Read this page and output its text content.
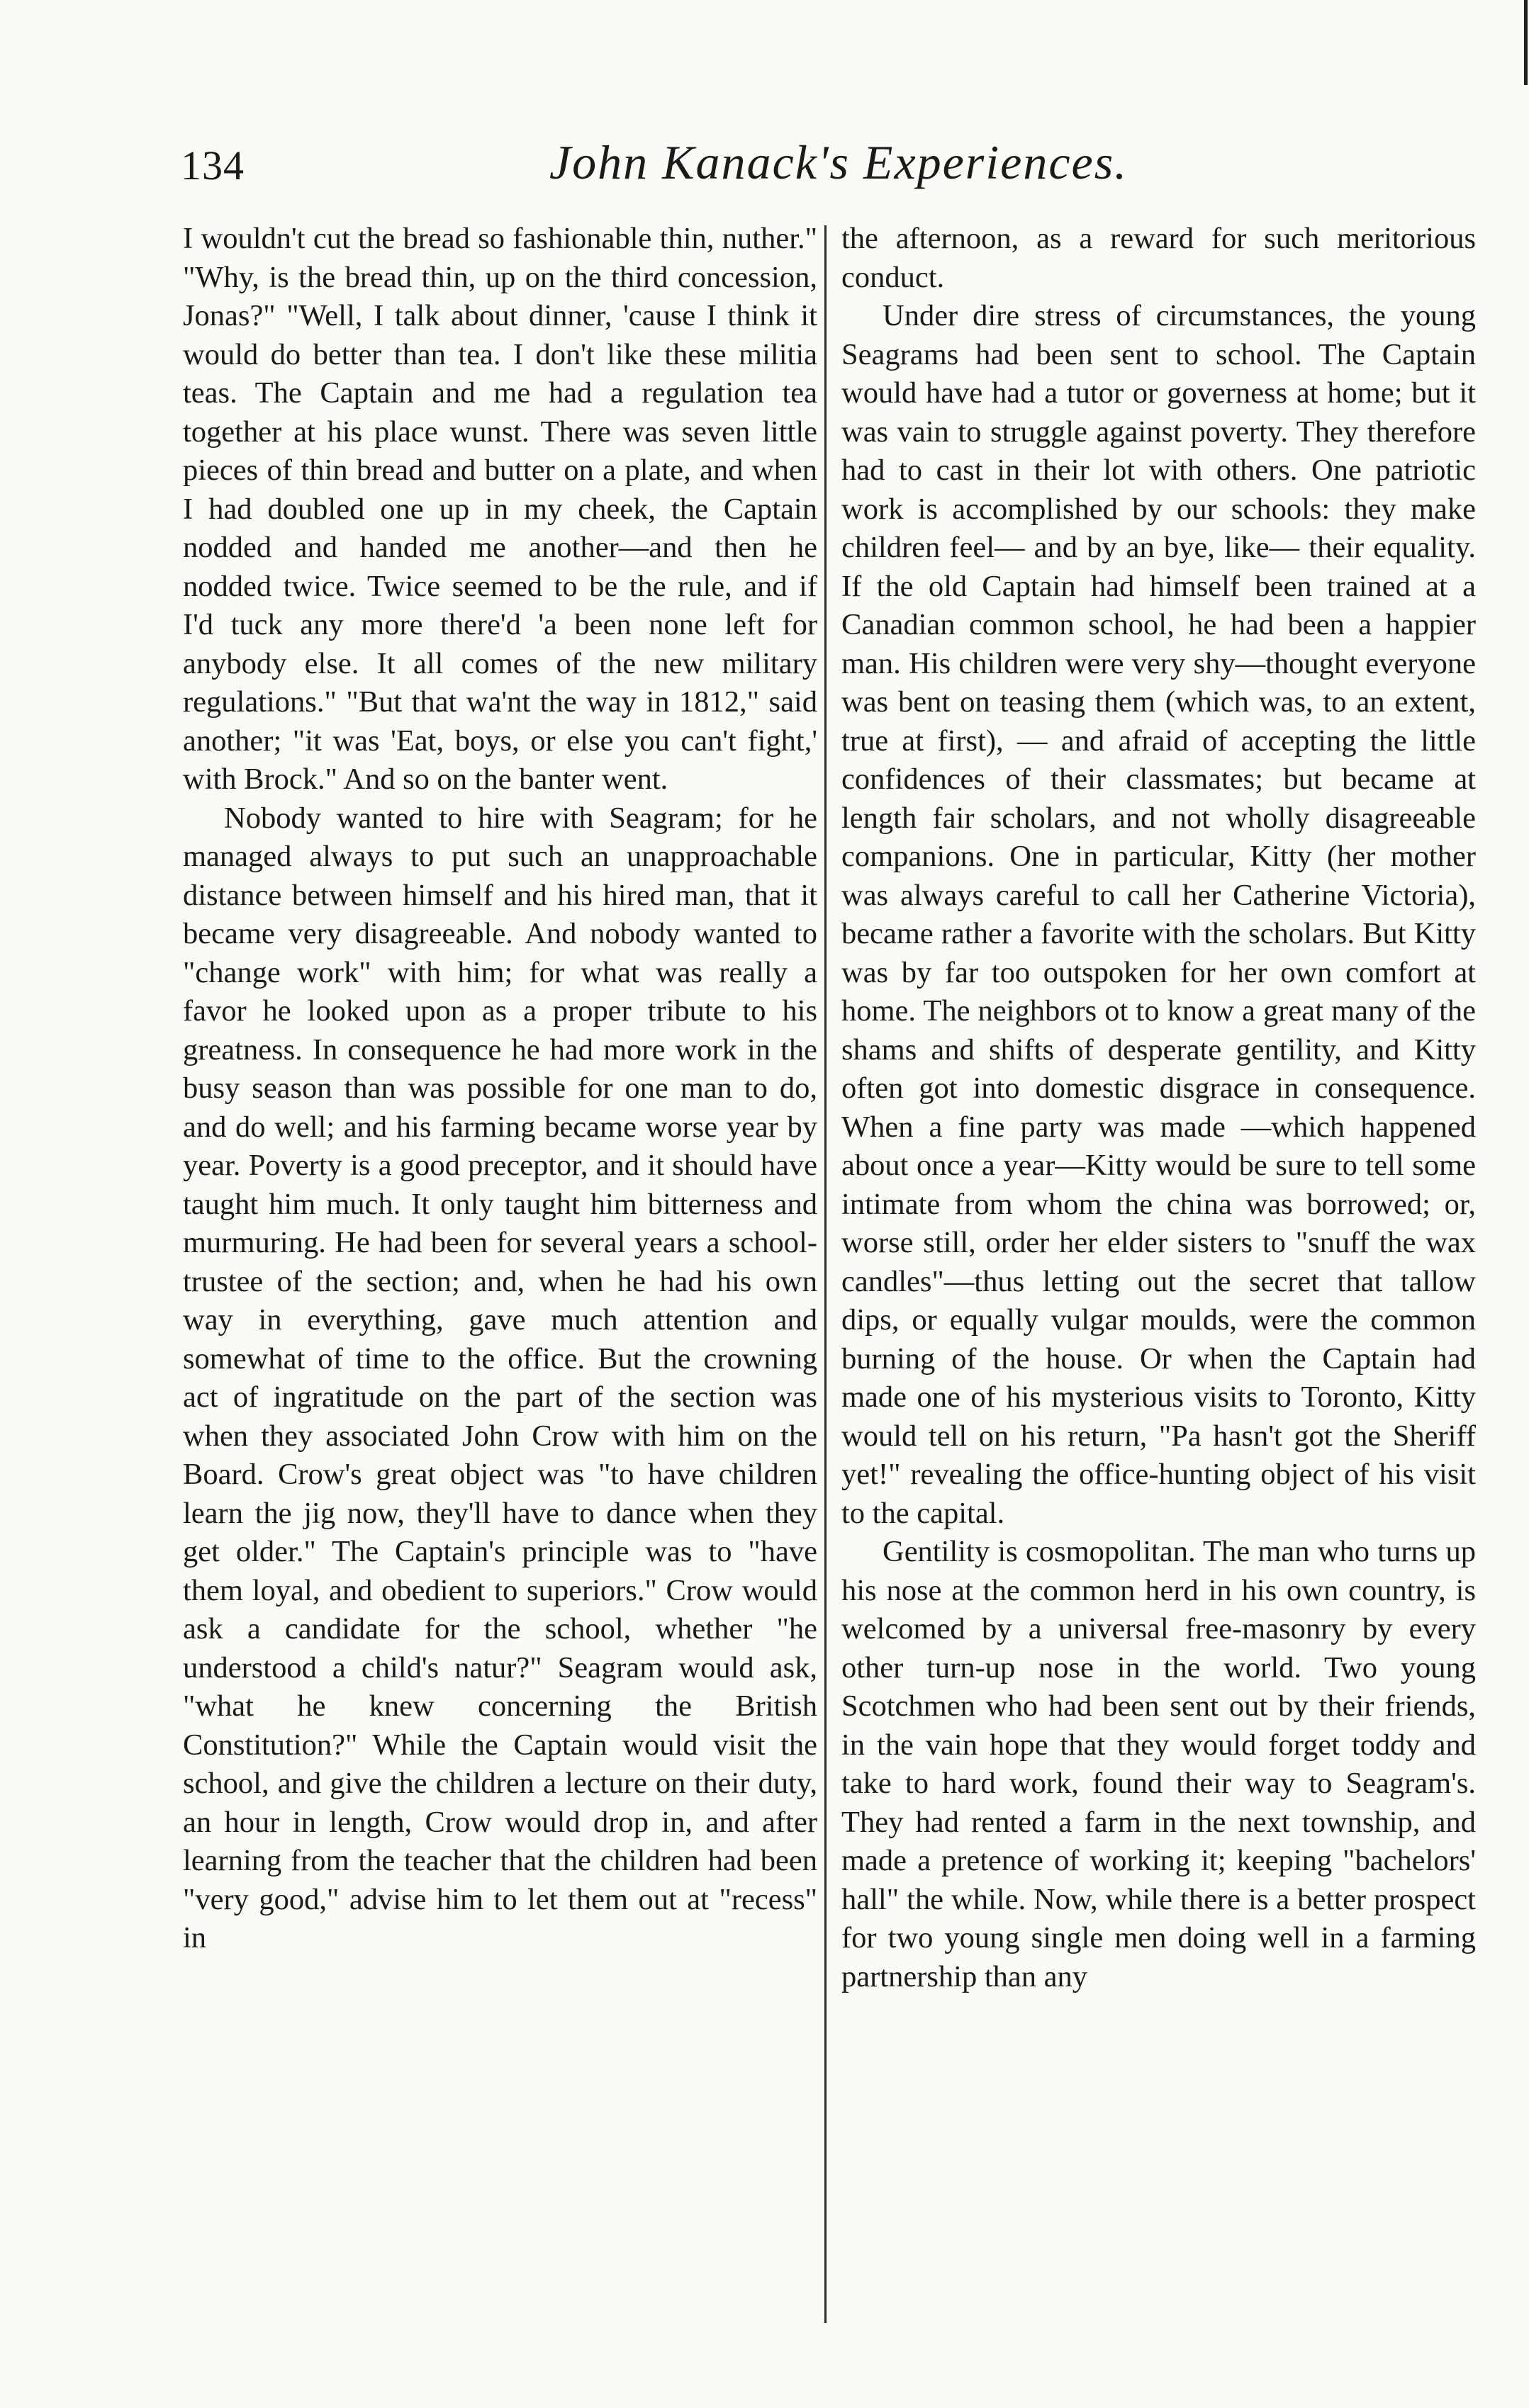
134	John Kanack's Experiences.

I wouldn't cut the bread so fashionable thin, nuther." "Why, is the bread thin, up on the third concession, Jonas?" "Well, I talk about dinner, 'cause I think it would do better than tea. I don't like these militia teas. The Captain and me had a regulation tea together at his place wunst. There was seven little pieces of thin bread and butter on a plate, and when I had doubled one up in my cheek, the Captain nodded and handed me another—and then he nodded twice. Twice seemed to be the rule, and if I'd tuck any more there'd 'a been none left for anybody else. It all comes of the new military regulations." "But that wa'nt the way in 1812," said another; "it was 'Eat, boys, or else you can't fight,' with Brock." And so on the banter went.

Nobody wanted to hire with Seagram; for he managed always to put such an unapproachable distance between himself and his hired man, that it became very disagreeable. And nobody wanted to "change work" with him; for what was really a favor he looked upon as a proper tribute to his greatness. In consequence he had more work in the busy season than was possible for one man to do, and do well; and his farming became worse year by year. Poverty is a good preceptor, and it should have taught him much. It only taught him bitterness and murmuring. He had been for several years a school-trustee of the section; and, when he had his own way in everything, gave much attention and somewhat of time to the office. But the crowning act of ingratitude on the part of the section was when they associated John Crow with him on the Board. Crow's great object was "to have children learn the jig now, they'll have to dance when they get older." The Captain's principle was to "have them loyal, and obedient to superiors." Crow would ask a candidate for the school, whether "he understood a child's natur?" Seagram would ask, "what he knew concerning the British Constitution?" While the Captain would visit the school, and give the children a lecture on their duty, an hour in length, Crow would drop in, and after learning from the teacher that the children had been "very good," advise him to let them out at "recess" in

the afternoon, as a reward for such meritorious conduct.

Under dire stress of circumstances, the young Seagrams had been sent to school. The Captain would have had a tutor or governess at home; but it was vain to struggle against poverty. They therefore had to cast in their lot with others. One patriotic work is accomplished by our schools: they make children feel— and by an bye, like— their equality. If the old Captain had himself been trained at a Canadian common school, he had been a happier man. His children were very shy—thought everyone was bent on teasing them (which was, to an extent, true at first), — and afraid of accepting the little confidences of their classmates; but became at length fair scholars, and not wholly disagreeable companions. One in particular, Kitty (her mother was always careful to call her Catherine Victoria), became rather a favorite with the scholars. But Kitty was by far too outspoken for her own comfort at home. The neighbors ot to know a great many of the shams and shifts of desperate gentility, and Kitty often got into domestic disgrace in consequence. When a fine party was made —which happened about once a year—Kitty would be sure to tell some intimate from whom the china was borrowed; or, worse still, order her elder sisters to "snuff the wax candles"—thus letting out the secret that tallow dips, or equally vulgar moulds, were the common burning of the house. Or when the Captain had made one of his mysterious visits to Toronto, Kitty would tell on his return, "Pa hasn't got the Sheriff yet!" revealing the office-hunting object of his visit to the capital.

Gentility is cosmopolitan. The man who turns up his nose at the common herd in his own country, is welcomed by a universal free-masonry by every other turn-up nose in the world. Two young Scotchmen who had been sent out by their friends, in the vain hope that they would forget toddy and take to hard work, found their way to Seagram's. They had rented a farm in the next township, and made a pretence of working it; keeping "bachelors' hall" the while. Now, while there is a better prospect for two young single men doing well in a farming partnership than any
